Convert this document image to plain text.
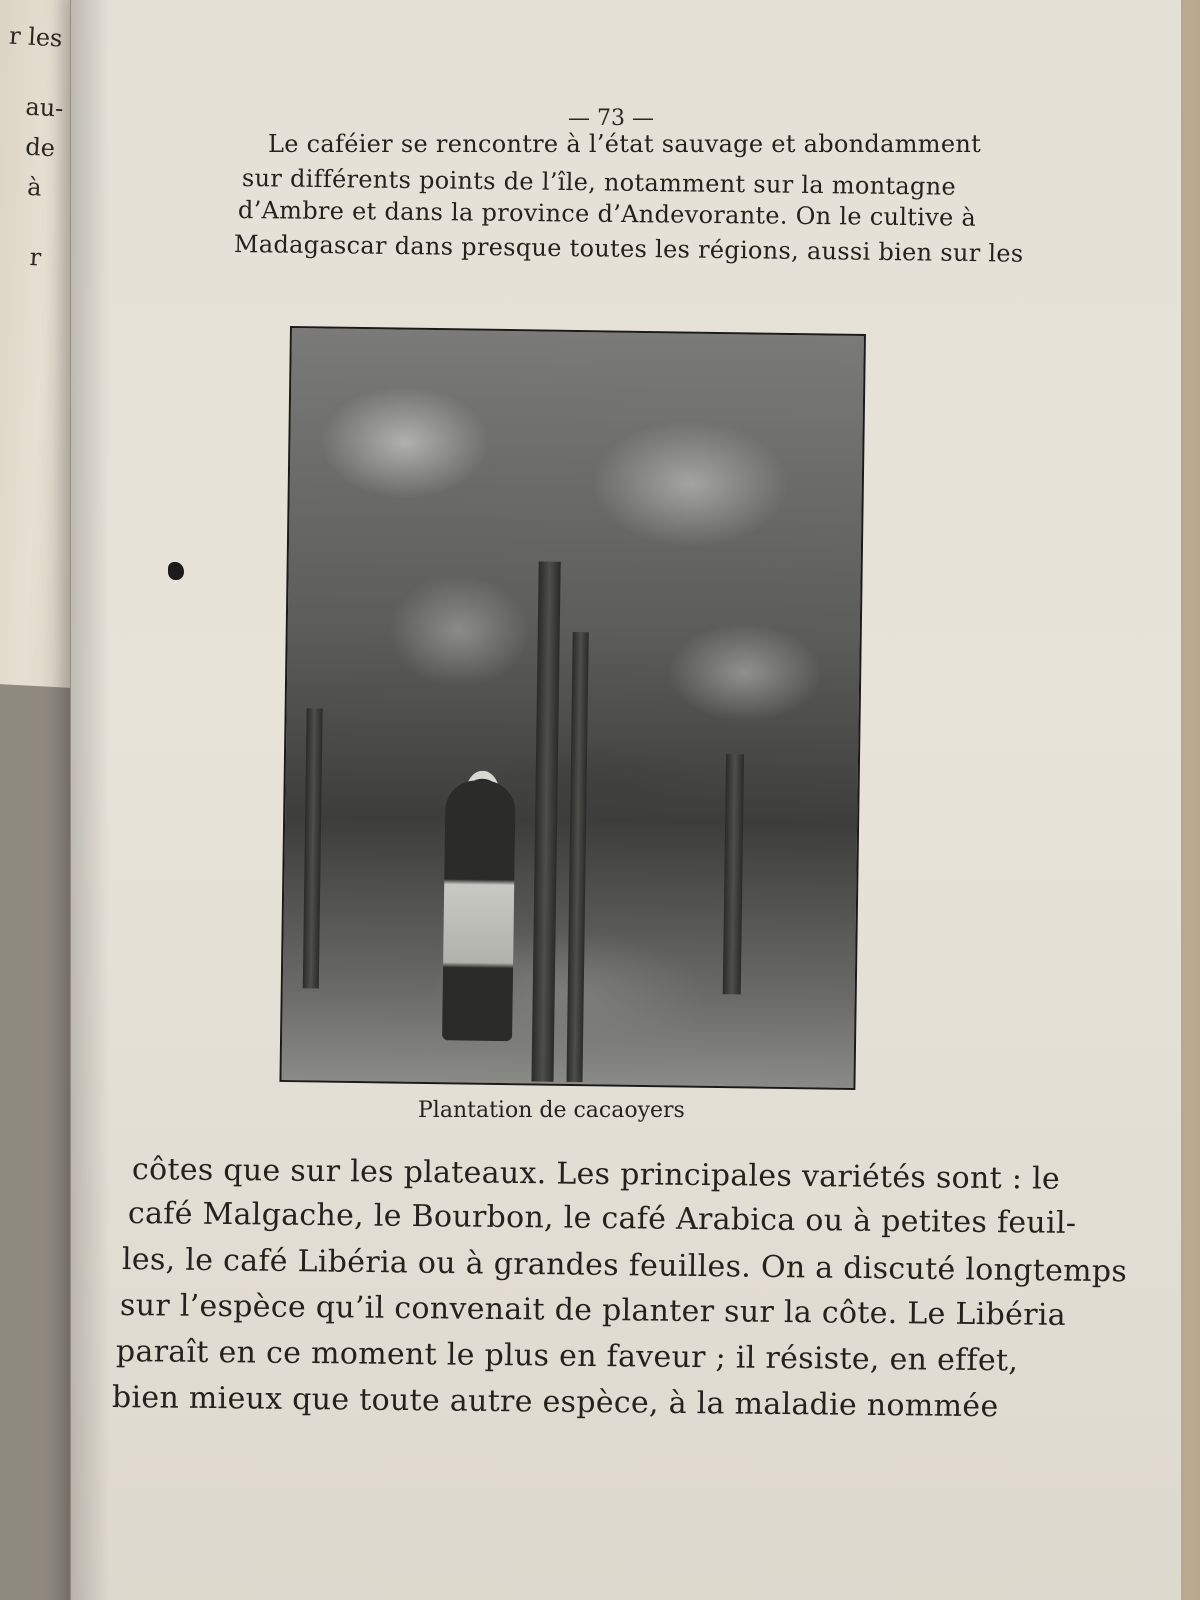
r les
au-
de
à
r
— 73 —
Le caféier se rencontre à l’état sauvage et abondamment
sur différents points de l’île, notamment sur la montagne
d’Ambre et dans la province d’Andevorante. On le cultive à
Madagascar dans presque toutes les régions, aussi bien sur les
Plantation de cacaoyers
côtes que sur les plateaux. Les principales variétés sont : le
café Malgache, le Bourbon, le café Arabica ou à petites feuil-
les, le café Libéria ou à grandes feuilles. On a discuté longtemps
sur l’espèce qu’il convenait de planter sur la côte. Le Libéria
paraît en ce moment le plus en faveur ; il résiste, en effet,
bien mieux que toute autre espèce, à la maladie nommée
